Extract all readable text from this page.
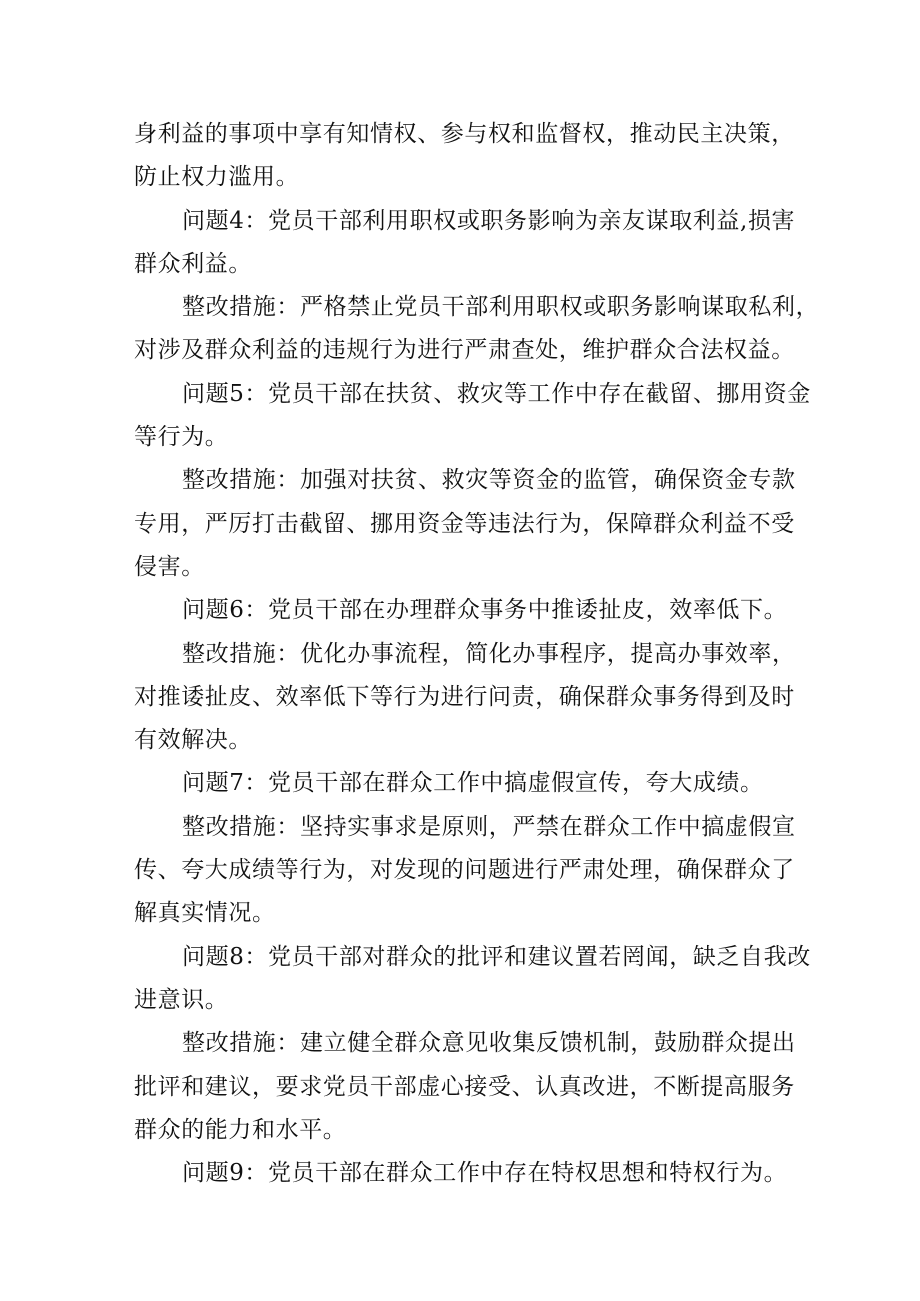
身利益的事项中享有知情权、参与权和监督权，推动民主决策，
防止权力滥用。
问题4：党员干部利用职权或职务影响为亲友谋取利益,损害
群众利益。
整改措施：严格禁止党员干部利用职权或职务影响谋取私利，
对涉及群众利益的违规行为进行严肃查处，维护群众合法权益。
问题5：党员干部在扶贫、救灾等工作中存在截留、挪用资金
等行为。
整改措施：加强对扶贫、救灾等资金的监管，确保资金专款
专用，严厉打击截留、挪用资金等违法行为，保障群众利益不受
侵害。
问题6：党员干部在办理群众事务中推诿扯皮，效率低下。
整改措施：优化办事流程，简化办事程序，提高办事效率，
对推诿扯皮、效率低下等行为进行问责，确保群众事务得到及时
有效解决。
问题7：党员干部在群众工作中搞虚假宣传，夸大成绩。
整改措施：坚持实事求是原则，严禁在群众工作中搞虚假宣
传、夸大成绩等行为，对发现的问题进行严肃处理，确保群众了
解真实情况。
问题8：党员干部对群众的批评和建议置若罔闻，缺乏自我改
进意识。
整改措施：建立健全群众意见收集反馈机制，鼓励群众提出
批评和建议，要求党员干部虚心接受、认真改进，不断提高服务
群众的能力和水平。
问题9：党员干部在群众工作中存在特权思想和特权行为。
